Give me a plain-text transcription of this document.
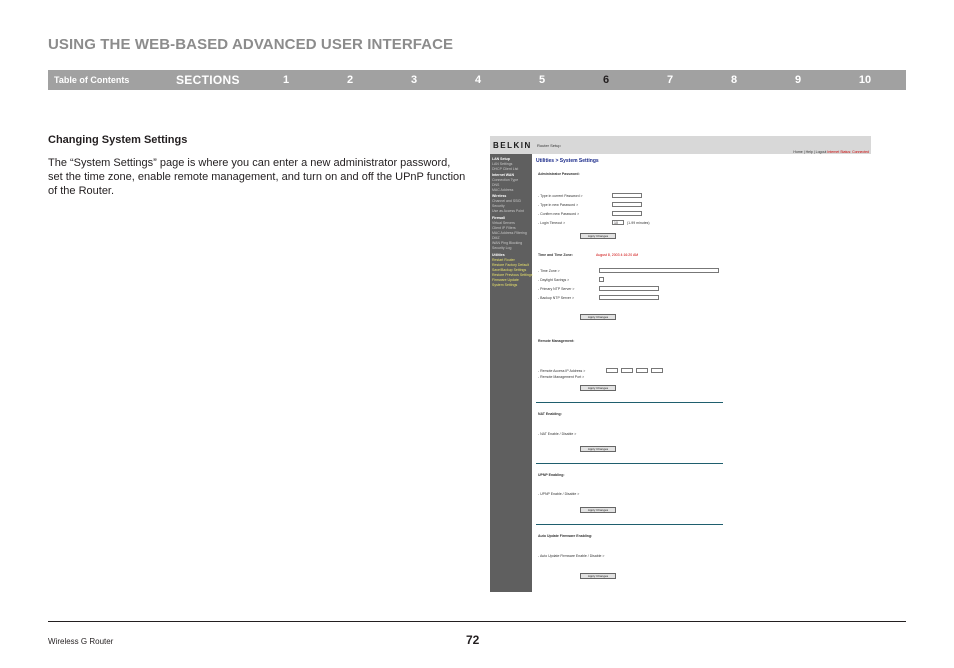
USING THE WEB-BASED ADVANCED USER INTERFACE
Table of Contents	SECTIONS	1	2	3	4	5	6	7	8	9	10
Changing System Settings
The “System Settings” page is where you can enter a new administrator password, set the time zone, enable remote management, and turn on and off the UPnP function of the Router.
BELKIN Router Setup
Home | Help | Logout Internet Status: Connected
LAN Setup
LAN Settings
DHCP Client List
Internet WAN
Connection Type
DNS
MAC Address
Wireless
Channel and SSID
Security
Use as Access Point
Firewall
Virtual Servers
Client IP Filters
MAC Address Filtering
DMZ
WAN Ping Blocking
Security Log
Utilities
Restart Router
Restore Factory Default
Save/Backup Settings
Restore Previous Settings
Firmware Update
System Settings
Utilities > System Settings
Administrator Password:
- Type in current Password >
- Type in new Password >
- Confirm new Password >
- Login Timeout >	10	(1-99 minutes)
Apply Changes
Time and Time Zone:	August 8, 2003 4:16:20 AM
- Time Zone >
- Daylight Savings >
- Primary NTP Server >
- Backup NTP Server >
Apply Changes
Remote Management:
- Remote Access IP Address >
- Remote Management Port >
Apply Changes
NAT Enabling:
- NAT Enable / Disable >
Apply Changes
UPNP Enabling:
- UPNP Enable / Disable >
Apply Changes
Auto Update Firmware Enabling:
- Auto Update Firmware Enable / Disable >
Apply Changes
Wireless G Router	72
